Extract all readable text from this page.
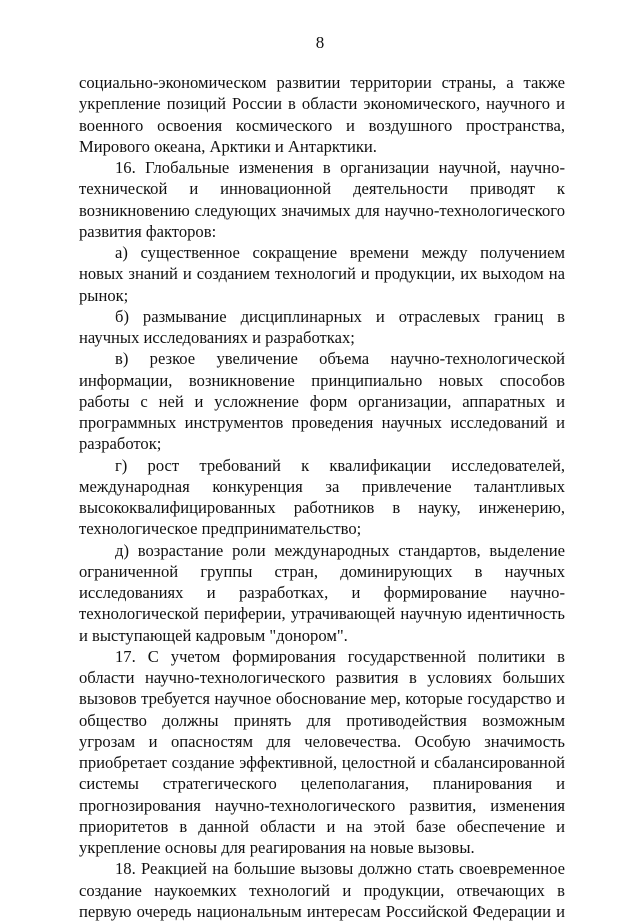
8

социально-экономическом развитии территории страны, а также укрепление позиций России в области экономического, научного и военного освоения космического и воздушного пространства, Мирового океана, Арктики и Антарктики.

16. Глобальные изменения в организации научной, научно-технической и инновационной деятельности приводят к возникновению следующих значимых для научно-технологического развития факторов:

а) существенное сокращение времени между получением новых знаний и созданием технологий и продукции, их выходом на рынок;

б) размывание дисциплинарных и отраслевых границ в научных исследованиях и разработках;

в) резкое увеличение объема научно-технологической информации, возникновение принципиально новых способов работы с ней и усложнение форм организации, аппаратных и программных инструментов проведения научных исследований и разработок;

г) рост требований к квалификации исследователей, международная конкуренция за привлечение талантливых высококвалифицированных работников в науку, инженерию, технологическое предпринимательство;

д) возрастание роли международных стандартов, выделение ограниченной группы стран, доминирующих в научных исследованиях и разработках, и формирование научно-технологической периферии, утрачивающей научную идентичность и выступающей кадровым "донором".

17. С учетом формирования государственной политики в области научно-технологического развития в условиях больших вызовов требуется научное обоснование мер, которые государство и общество должны принять для противодействия возможным угрозам и опасностям для человечества. Особую значимость приобретает создание эффективной, целостной и сбалансированной системы стратегического целеполагания, планирования и прогнозирования научно-технологического развития, изменения приоритетов в данной области и на этой базе обеспечение и укрепление основы для реагирования на новые вызовы.

18. Реакцией на большие вызовы должно стать своевременное создание наукоемких технологий и продукции, отвечающих в первую очередь национальным интересам Российской Федерации и
